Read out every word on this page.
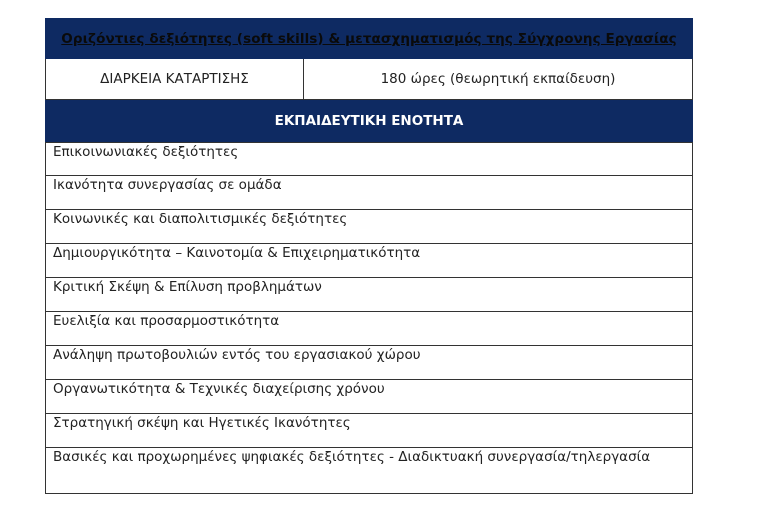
Οριζόντιες δεξιότητες (soft skills) & μετασχηματισμός της Σύγχρονης Εργασίας
ΔΙΑΡΚΕΙΑ ΚΑΤΑΡΤΙΣΗΣ	180 ώρες (θεωρητική εκπαίδευση)
ΕΚΠΑΙΔΕΥΤΙΚΗ ΕΝΟΤΗΤΑ
Επικοινωνιακές δεξιότητες
Ικανότητα συνεργασίας σε ομάδα
Κοινωνικές και διαπολιτισμικές δεξιότητες
Δημιουργικότητα – Καινοτομία & Επιχειρηματικότητα
Κριτική Σκέψη & Επίλυση προβλημάτων
Ευελιξία και προσαρμοστικότητα
Ανάληψη πρωτοβουλιών εντός του εργασιακού χώρου
Οργανωτικότητα & Τεχνικές διαχείρισης χρόνου
Στρατηγική σκέψη και Ηγετικές Ικανότητες
Βασικές και προχωρημένες ψηφιακές δεξιότητες - Διαδικτυακή συνεργασία/τηλεργασία
